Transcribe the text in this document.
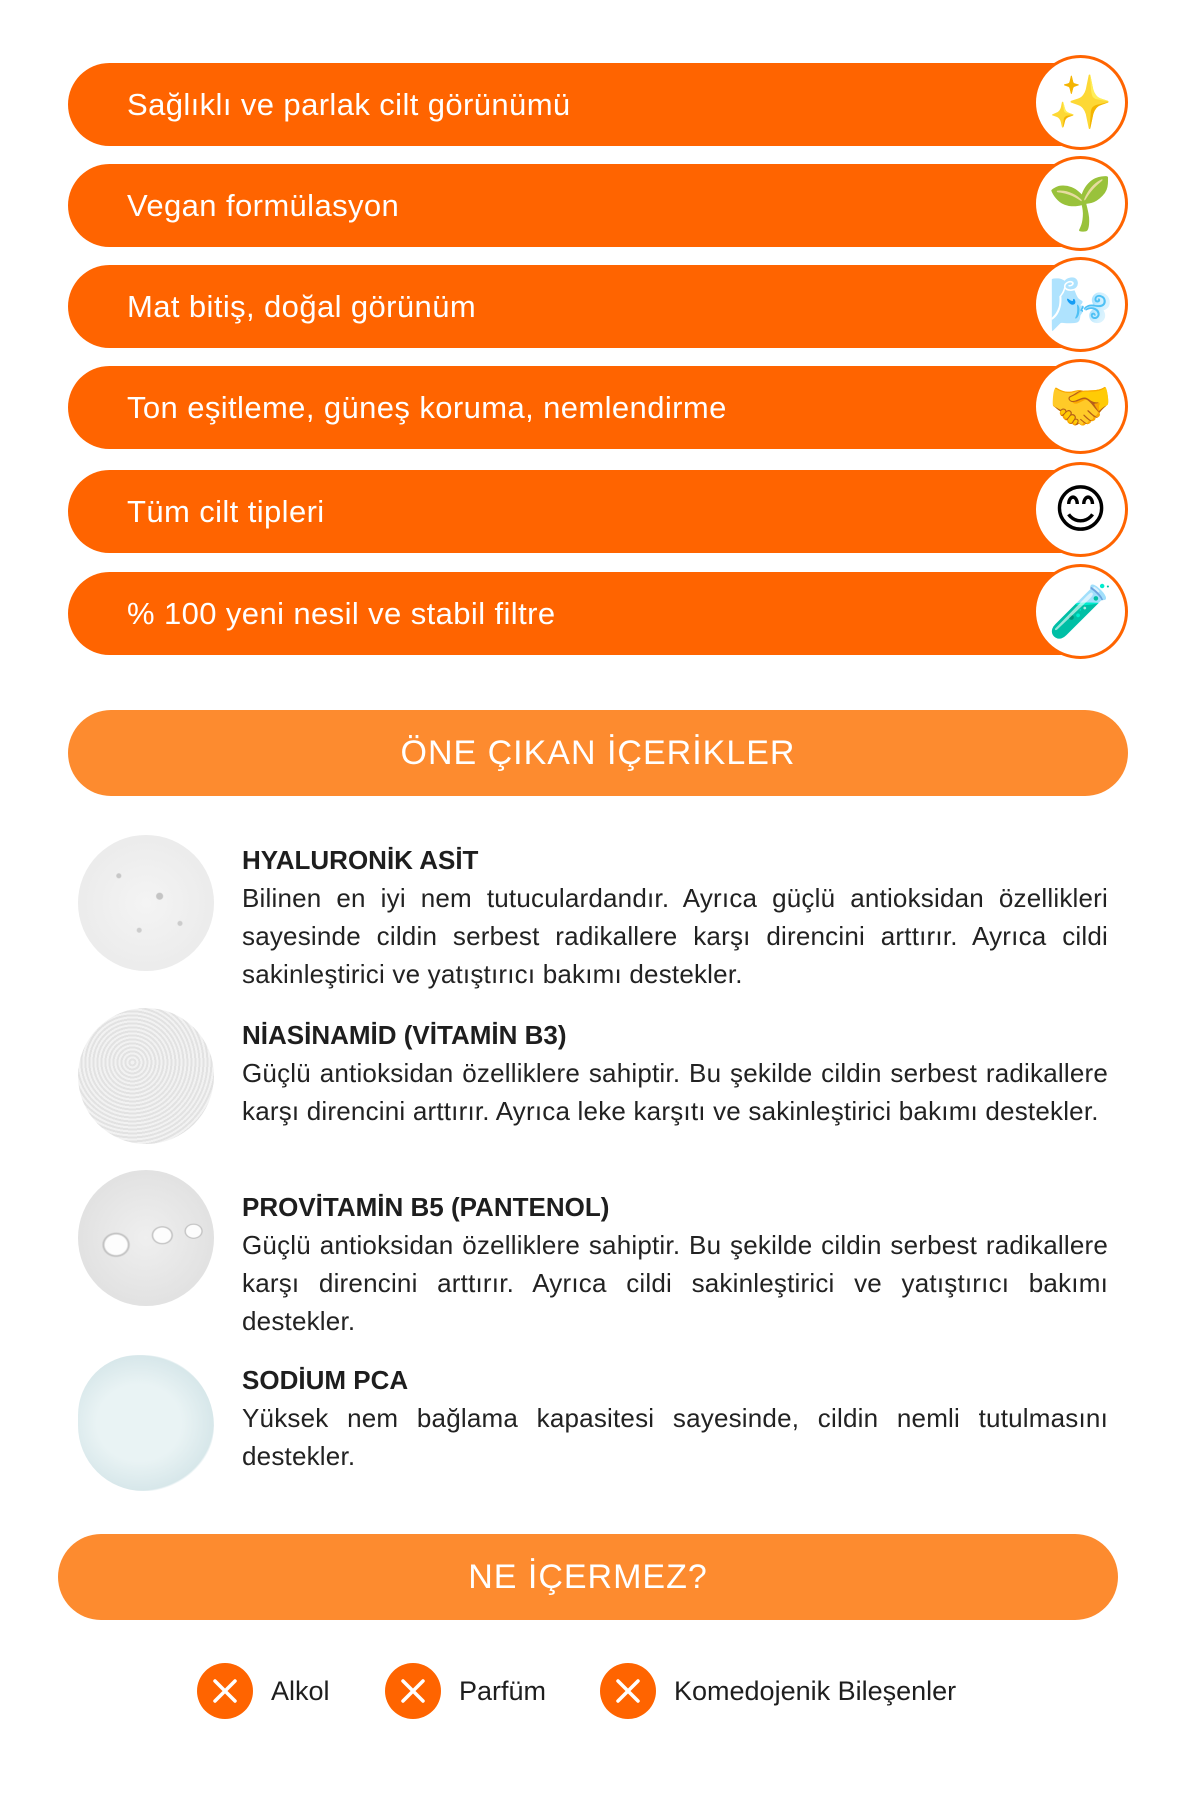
Sağlıklı ve parlak cilt görünümü	✨
Vegan formülasyon	🌱
Mat bitiş, doğal görünüm	🌬️
Ton eşitleme, güneş koruma, nemlendirme	🤝
Tüm cilt tipleri	😊
% 100 yeni nesil ve stabil filtre	🧪
ÖNE ÇIKAN İÇERİKLER
HYALURONİK ASİT

Bilinen en iyi nem tutuculardandır. Ayrıca güçlü antioksidan özellikleri sayesinde cildin serbest radikallere karşı direncini arttırır. Ayrıca cildi sakinleştirici ve yatıştırıcı bakımı destekler.

NİASİNAMİD (VİTAMİN B3)

Güçlü antioksidan özelliklere sahiptir. Bu şekilde cildin serbest radikallere karşı direncini arttırır. Ayrıca leke karşıtı ve sakinleştirici bakımı destekler.

PROVİTAMİN B5 (PANTENOL)

Güçlü antioksidan özelliklere sahiptir. Bu şekilde cildin serbest radikallere karşı direncini arttırır. Ayrıca cildi sakinleştirici ve yatıştırıcı bakımı destekler.

SODİUM PCA

Yüksek nem bağlama kapasitesi sayesinde, cildin nemli tutulmasını destekler.

NE İÇERMEZ?
Alkol	Parfüm	Komedojenik Bileşenler
